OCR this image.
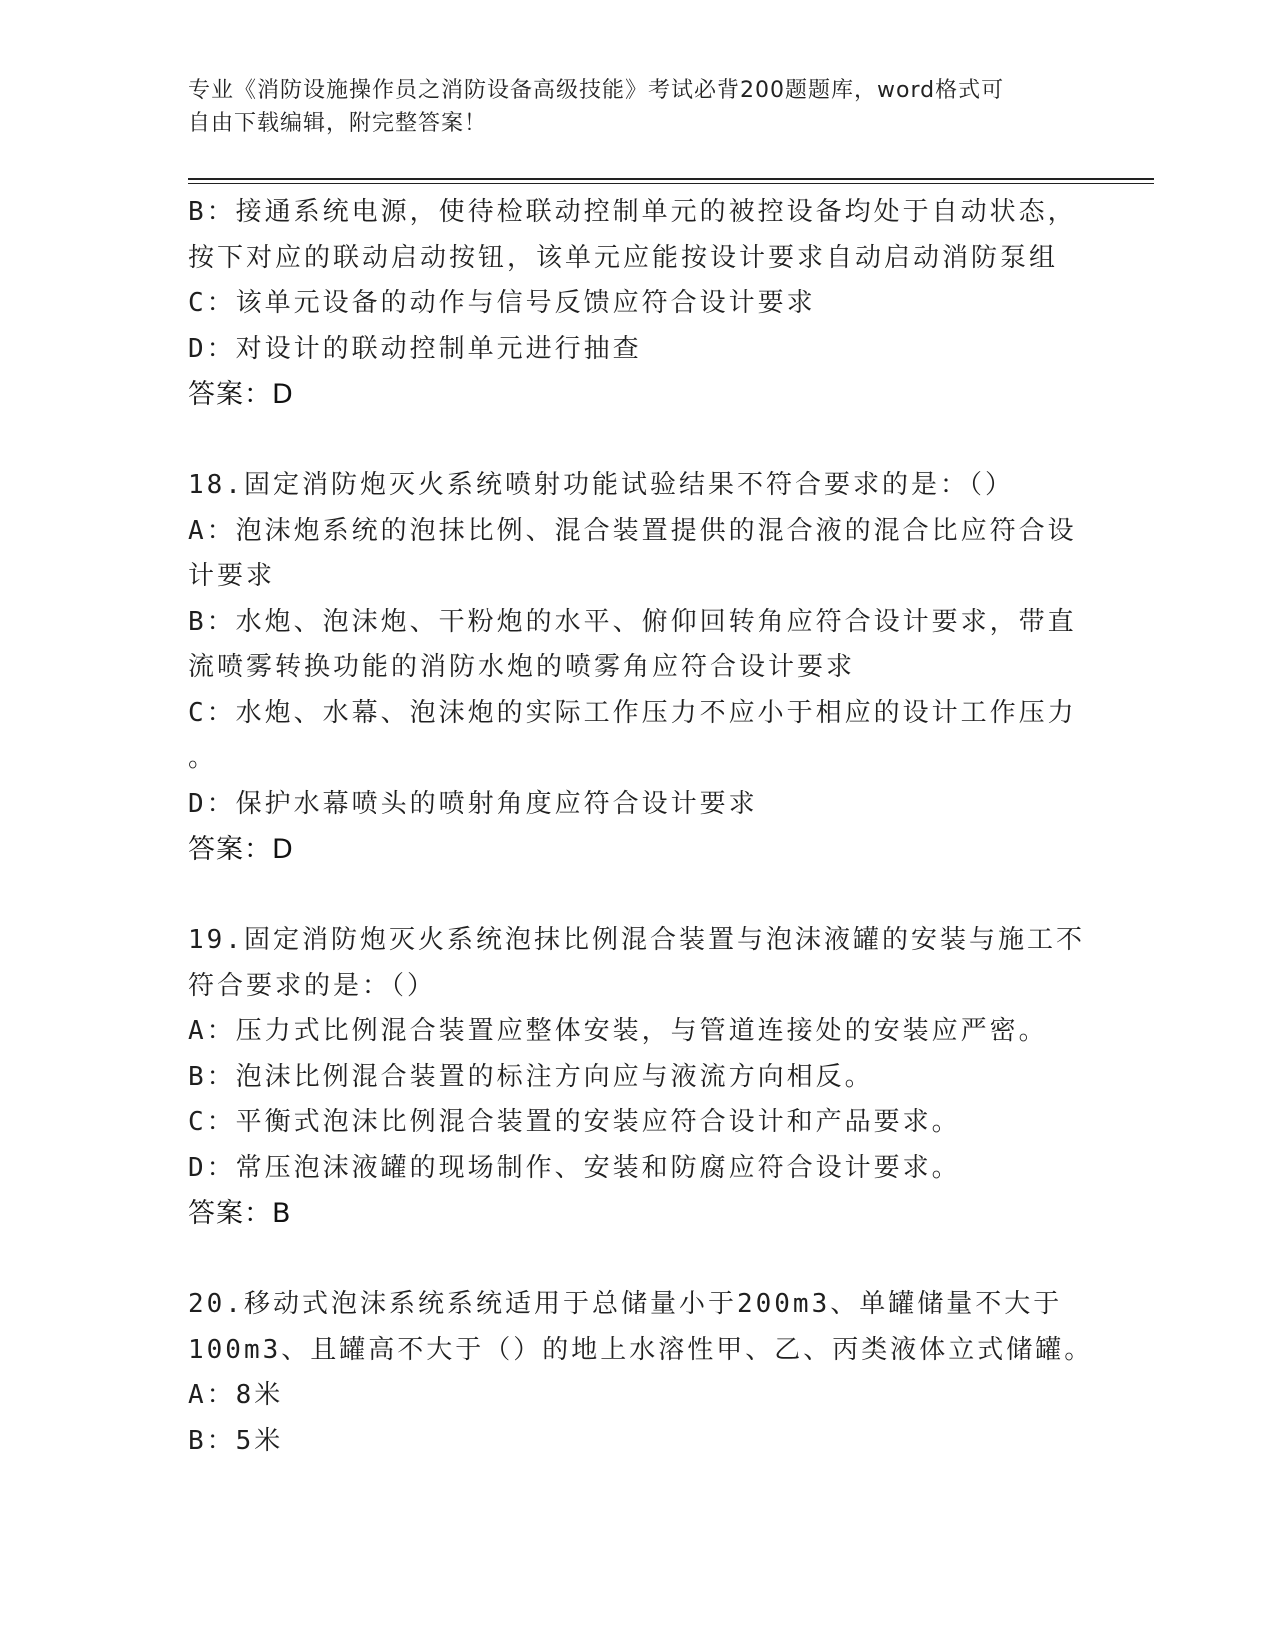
专业《消防设施操作员之消防设备高级技能》考试必背200题题库，word格式可
自由下载编辑，附完整答案！
B：接通系统电源，使待检联动控制单元的被控设备均处于自动状态，
按下对应的联动启动按钮，该单元应能按设计要求自动启动消防泵组
C：该单元设备的动作与信号反馈应符合设计要求
D：对设计的联动控制单元进行抽查
答案：D
18.固定消防炮灭火系统喷射功能试验结果不符合要求的是：（）
A：泡沫炮系统的泡抹比例、混合装置提供的混合液的混合比应符合设
计要求
B：水炮、泡沫炮、干粉炮的水平、俯仰回转角应符合设计要求，带直
流喷雾转换功能的消防水炮的喷雾角应符合设计要求
C：水炮、水幕、泡沫炮的实际工作压力不应小于相应的设计工作压力
。
D：保护水幕喷头的喷射角度应符合设计要求
答案：D
19.固定消防炮灭火系统泡抹比例混合装置与泡沫液罐的安装与施工不
符合要求的是：（）
A：压力式比例混合装置应整体安装，与管道连接处的安装应严密。
B：泡沫比例混合装置的标注方向应与液流方向相反。
C：平衡式泡沫比例混合装置的安装应符合设计和产品要求。
D：常压泡沫液罐的现场制作、安装和防腐应符合设计要求。
答案：B
20.移动式泡沫系统系统适用于总储量小于200m3、单罐储量不大于
100m3、且罐高不大于（）的地上水溶性甲、乙、丙类液体立式储罐。
A：8米
B：5米
